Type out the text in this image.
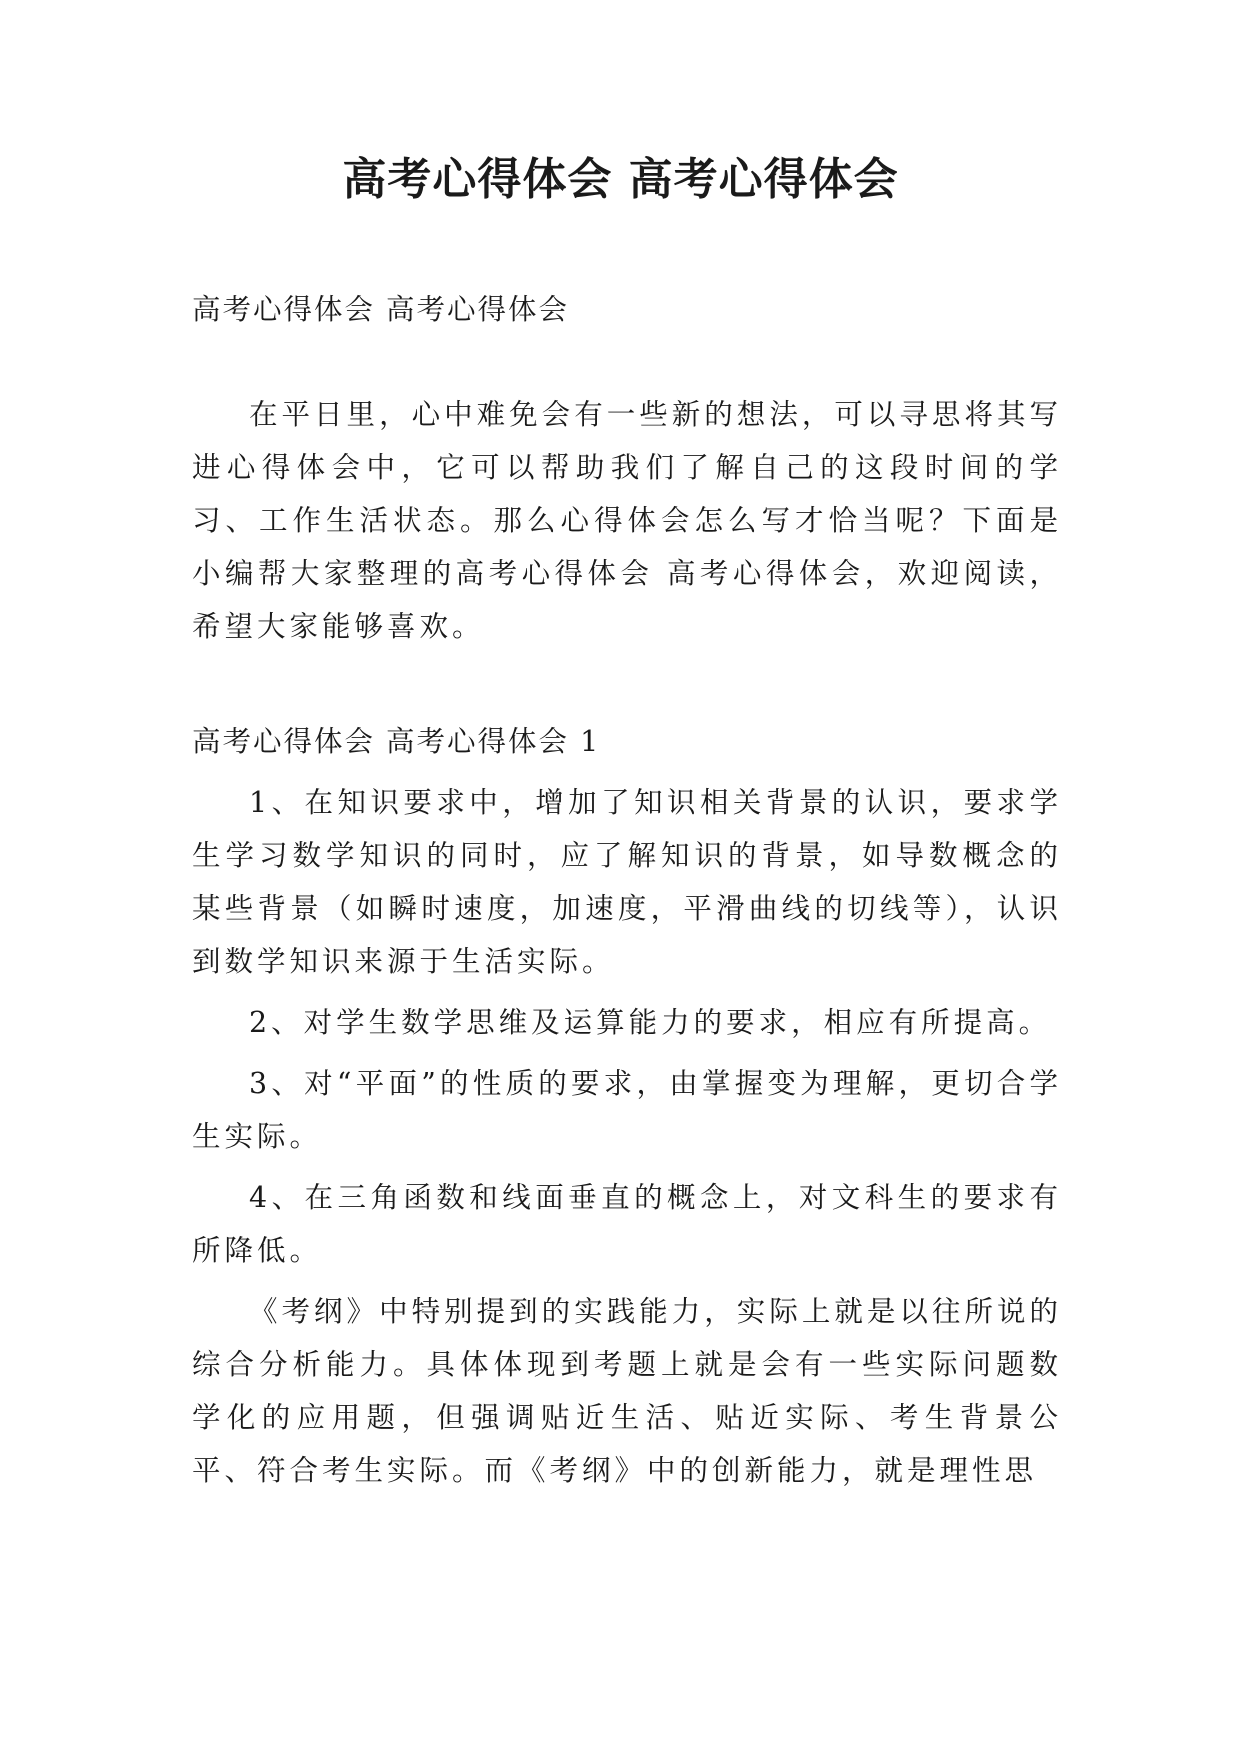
高考心得体会 高考心得体会

高考心得体会 高考心得体会

在平日里，心中难免会有一些新的想法，可以寻思将其写进心得体会中，它可以帮助我们了解自己的这段时间的学习、工作生活状态。那么心得体会怎么写才恰当呢？下面是小编帮大家整理的高考心得体会 高考心得体会，欢迎阅读，希望大家能够喜欢。

高考心得体会 高考心得体会 1

1、在知识要求中，增加了知识相关背景的认识，要求学生学习数学知识的同时，应了解知识的背景，如导数概念的某些背景（如瞬时速度，加速度，平滑曲线的切线等），认识到数学知识来源于生活实际。

2、对学生数学思维及运算能力的要求，相应有所提高。

3、对“平面”的性质的要求，由掌握变为理解，更切合学生实际。

4、在三角函数和线面垂直的概念上，对文科生的要求有所降低。

《考纲》中特别提到的实践能力，实际上就是以往所说的综合分析能力。具体体现到考题上就是会有一些实际问题数学化的应用题，但强调贴近生活、贴近实际、考生背景公平、符合考生实际。而《考纲》中的创新能力，就是理性思
